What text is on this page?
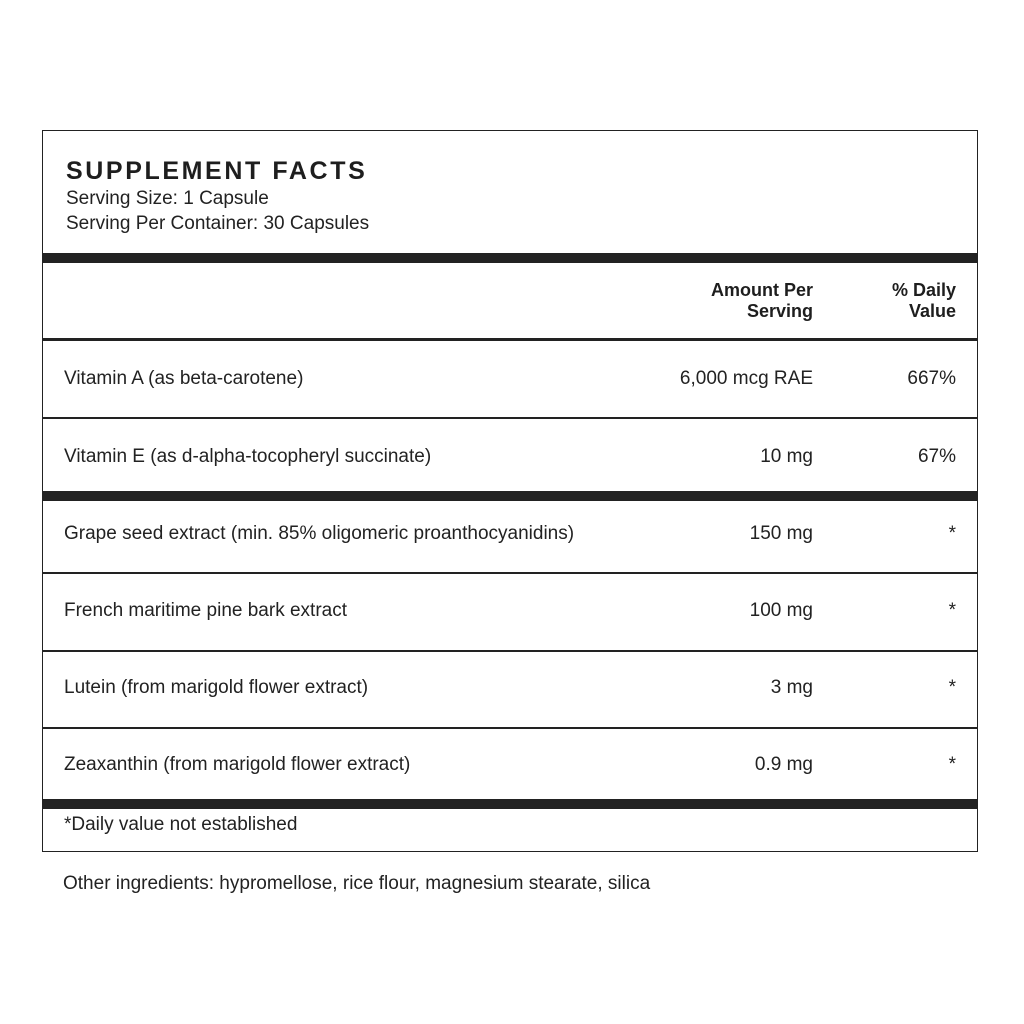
SUPPLEMENT FACTS
Serving Size: 1 Capsule
Serving Per Container: 30 Capsules
Amount Per
Serving
% Daily
Value
Vitamin A (as beta-carotene)	6,000 mcg RAE	667%
Vitamin E (as d-alpha-tocopheryl succinate)	10 mg	67%
Grape seed extract (min. 85% oligomeric proanthocyanidins)	150 mg	*
French maritime pine bark extract	100 mg	*
Lutein (from marigold flower extract)	3 mg	*
Zeaxanthin (from marigold flower extract)	0.9 mg	*
*Daily value not established
Other ingredients: hypromellose, rice flour, magnesium stearate, silica
